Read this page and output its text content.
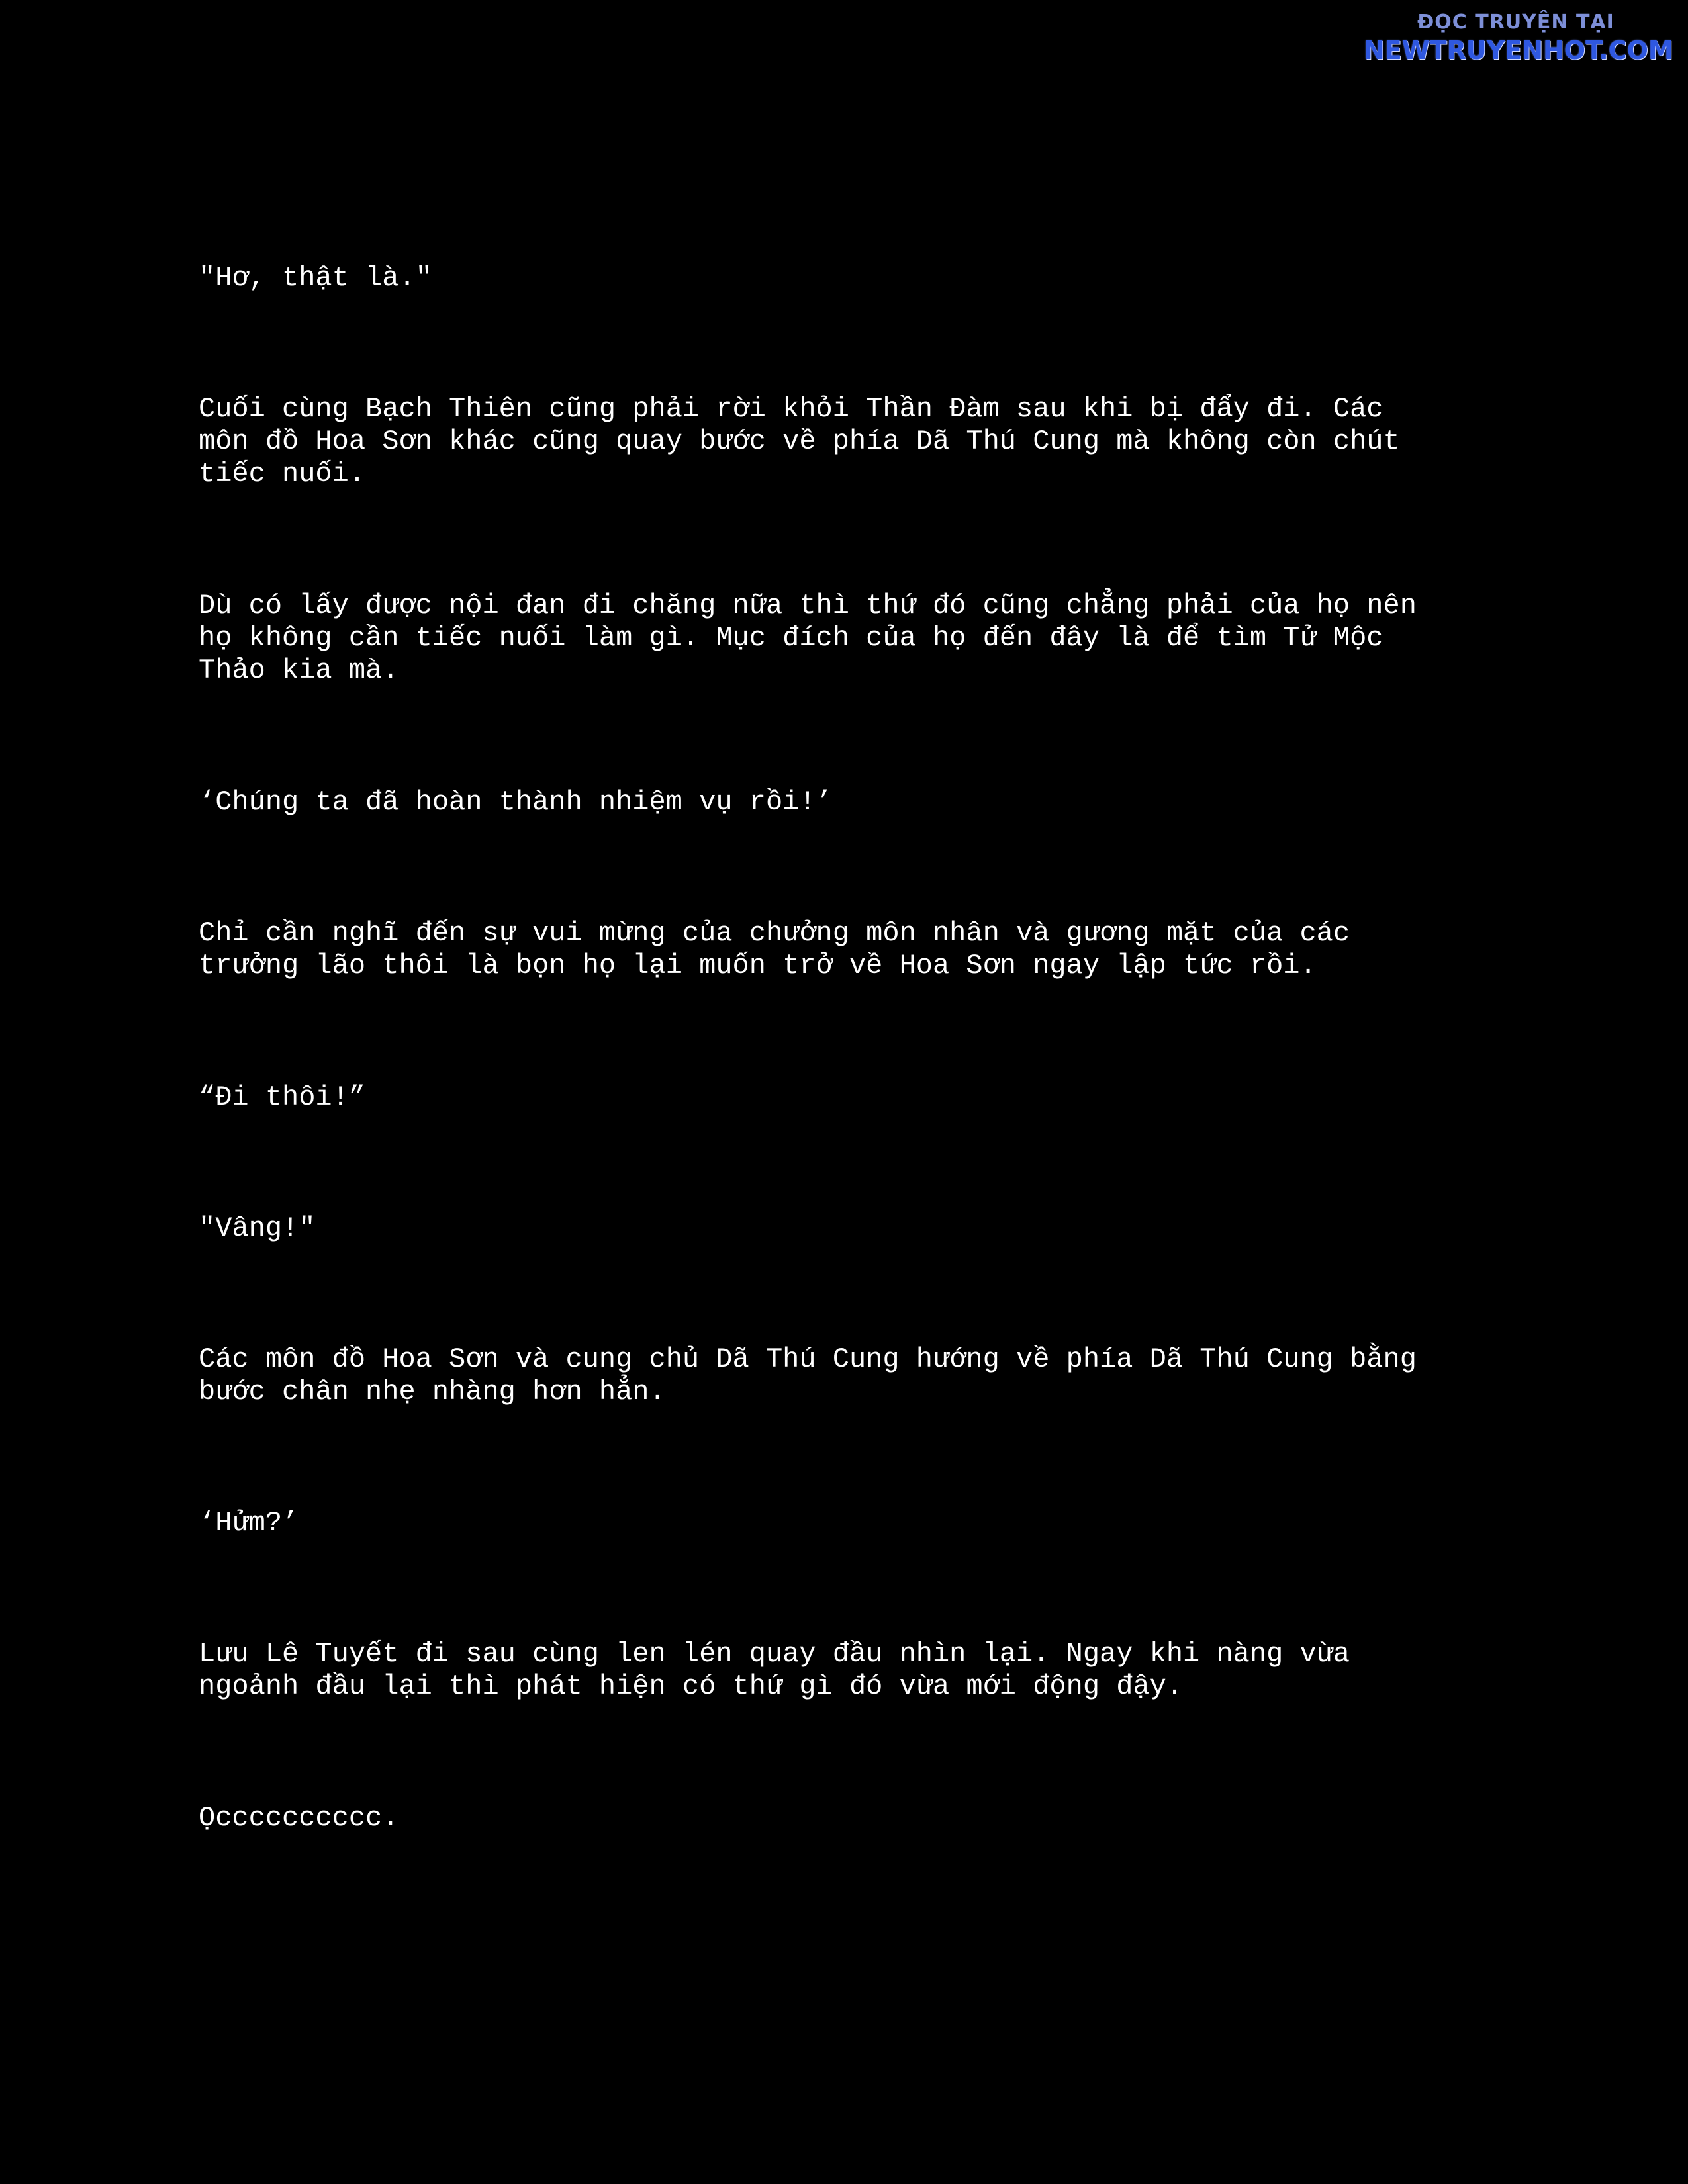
ĐỌC TRUYỆN TẠI
NEWTRUYENHOT.COM
"Hơ, thật là."
Cuối cùng Bạch Thiên cũng phải rời khỏi Thần Đàm sau khi bị đẩy đi. Các
môn đồ Hoa Sơn khác cũng quay bước về phía Dã Thú Cung mà không còn chút
tiếc nuối.
Dù có lấy được nội đan đi chăng nữa thì thứ đó cũng chẳng phải của họ nên
họ không cần tiếc nuối làm gì. Mục đích của họ đến đây là để tìm Tử Mộc
Thảo kia mà.
‘Chúng ta đã hoàn thành nhiệm vụ rồi!’
Chỉ cần nghĩ đến sự vui mừng của chưởng môn nhân và gương mặt của các
trưởng lão thôi là bọn họ lại muốn trở về Hoa Sơn ngay lập tức rồi.
“Đi thôi!”
"Vâng!"
Các môn đồ Hoa Sơn và cung chủ Dã Thú Cung hướng về phía Dã Thú Cung bằng
bước chân nhẹ nhàng hơn hẳn.
‘Hửm?’
Lưu Lê Tuyết đi sau cùng len lén quay đầu nhìn lại. Ngay khi nàng vừa
ngoảnh đầu lại thì phát hiện có thứ gì đó vừa mới động đậy.
Ọcccccccccc.
